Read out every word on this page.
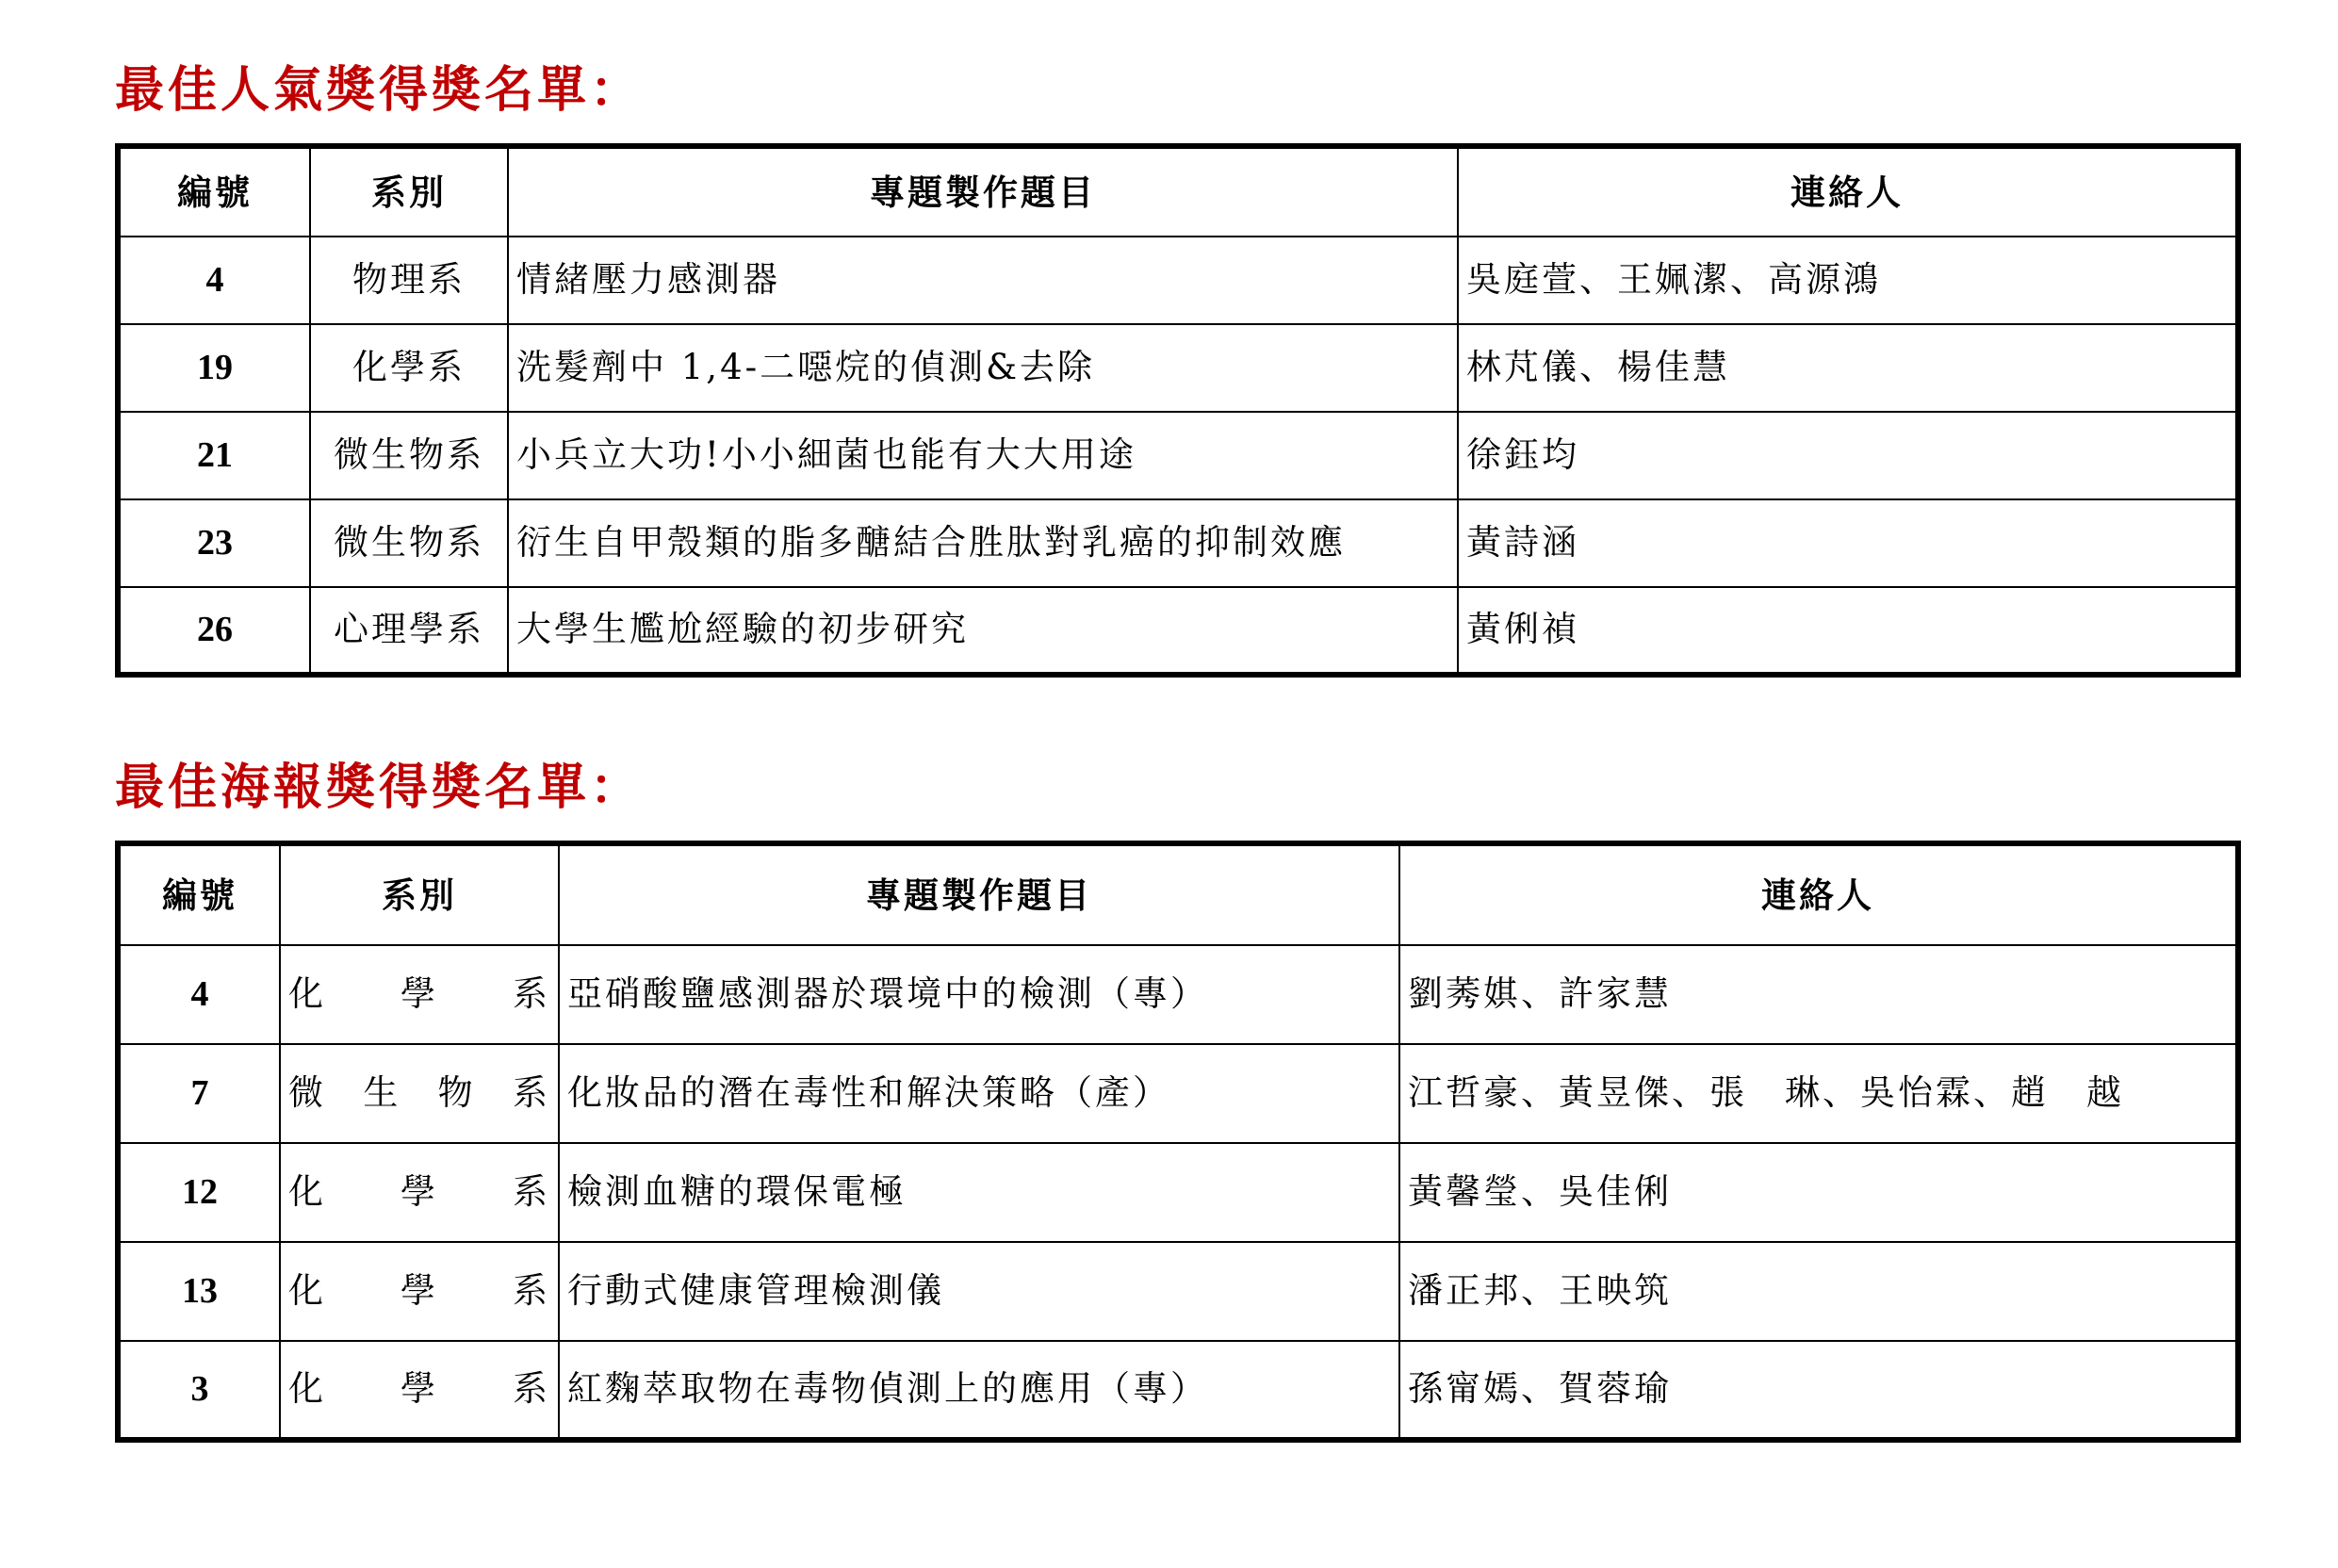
最佳人氣獎得獎名單：
編號	系別	專題製作題目	連絡人
4	物理系	情緒壓力感測器	吳庭萱、王姵潔、高源鴻
19	化學系	洗髮劑中 1,4-二噁烷的偵測&去除	林芃儀、楊佳慧
21	微生物系	小兵立大功!小小細菌也能有大大用途	徐鈺均
23	微生物系	衍生自甲殼類的脂多醣結合胜肽對乳癌的抑制效應	黃詩涵
26	心理學系	大學生尷尬經驗的初步研究	黃俐禎
最佳海報獎得獎名單：
編號	系別	專題製作題目	連絡人
4	化學系	亞硝酸鹽感測器於環境中的檢測（專）	劉莠娸、許家慧
7	微生物系	化妝品的潛在毒性和解決策略（產）	江哲豪、黃昱傑、張　琳、吳怡霖、趙　越
12	化學系	檢測血糖的環保電極	黃馨瑩、吳佳俐
13	化學系	行動式健康管理檢測儀	潘正邦、王映筑
3	化學系	紅麴萃取物在毒物偵測上的應用（專）	孫甯嫣、賀蓉瑜
